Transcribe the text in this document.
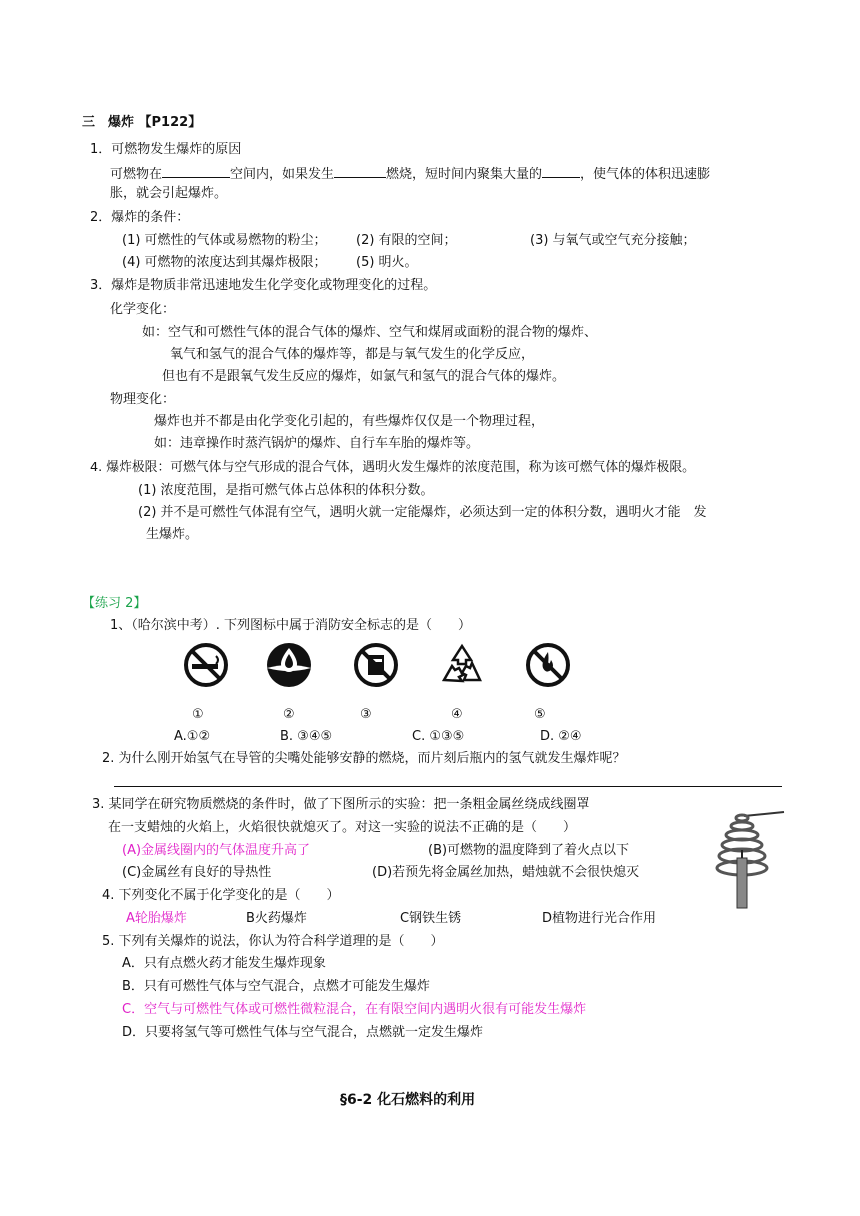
三　爆炸 【P122】
1．可燃物发生爆炸的原因
可燃物在	空间内，如果发生	燃烧，短时间内聚集大量的	，使气体的体积迅速膨
胀，就会引起爆炸。
2．爆炸的条件：
(1) 可燃性的气体或易燃物的粉尘； (2) 有限的空间；	(3) 与氧气或空气充分接触；
(4) 可燃物的浓度达到其爆炸极限； (5) 明火。
3．爆炸是物质非常迅速地发生化学变化或物理变化的过程。
化学变化：
如：空气和可燃性气体的混合气体的爆炸、空气和煤屑或面粉的混合物的爆炸、
氧气和氢气的混合气体的爆炸等，都是与氧气发生的化学反应，
但也有不是跟氧气发生反应的爆炸，如氯气和氢气的混合气体的爆炸。
物理变化：
爆炸也并不都是由化学变化引起的，有些爆炸仅仅是一个物理过程，
如：违章操作时蒸汽锅炉的爆炸、自行车车胎的爆炸等。
4. 爆炸极限：可燃气体与空气形成的混合气体，遇明火发生爆炸的浓度范围，称为该可燃气体的爆炸极限。
(1) 浓度范围，是指可燃气体占总体积的体积分数。
(2) 并不是可燃性气体混有空气，遇明火就一定能爆炸，必须达到一定的体积分数，遇明火才能　发
生爆炸。
【练习 2】
1、（哈尔滨中考）. 下列图标中属于消防安全标志的是（　　）
①	②	③	④	⑤
A.①②	B. ③④⑤	C. ①③⑤	D. ②④
2. 为什么刚开始氢气在导管的尖嘴处能够安静的燃烧，而片刻后瓶内的氢气就发生爆炸呢？
3. 某同学在研究物质燃烧的条件时，做了下图所示的实验：把一条粗金属丝绕成线圈罩
在一支蜡烛的火焰上，火焰很快就熄灭了。对这一实验的说法不正确的是（　　）
(A)金属线圈内的气体温度升高了	(B)可燃物的温度降到了着火点以下
(C)金属丝有良好的导热性	(D)若预先将金属丝加热，蜡烛就不会很快熄灭
4. 下列变化不属于化学变化的是（　　）
A轮胎爆炸	B火药爆炸	C钢铁生锈	D植物进行光合作用
5. 下列有关爆炸的说法，你认为符合科学道理的是（　　）
A．只有点燃火药才能发生爆炸现象
B．只有可燃性气体与空气混合，点燃才可能发生爆炸
C．空气与可燃性气体或可燃性微粒混合，在有限空间内遇明火很有可能发生爆炸
D．只要将氢气等可燃性气体与空气混合，点燃就一定发生爆炸
§6-2 化石燃料的利用
